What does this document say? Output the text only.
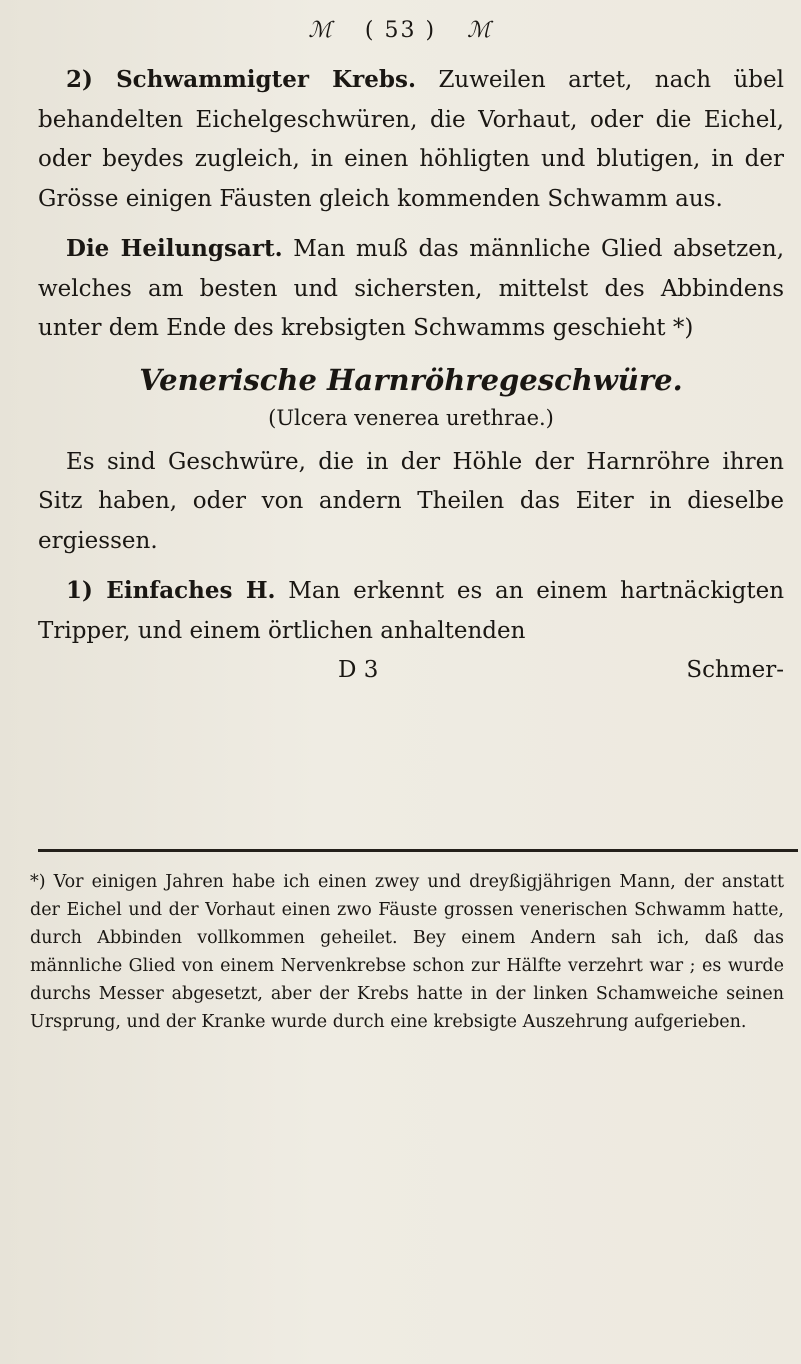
ℳ ( 53 ) ℳ

2) Schwammigter Krebs. Zuweilen artet, nach übel behandelten Eichelgeschwüren, die Vorhaut, oder die Eichel, oder beydes zugleich, in einen höhligten und blutigen, in der Grösse einigen Fäusten gleich kommenden Schwamm aus.

Die Heilungsart. Man muß das männliche Glied absetzen, welches am besten und sichersten, mittelst des Abbindens unter dem Ende des krebsigten Schwamms geschieht *)

Venerische Harnröhregeschwüre.

(Ulcera venerea urethrae.)

Es sind Geschwüre, die in der Höhle der Harnröhre ihren Sitz haben, oder von andern Theilen das Eiter in dieselbe ergiessen.

1) Einfaches H. Man erkennt es an einem hartnäckigten Tripper, und einem örtlichen anhaltenden

D 3	Schmer-

*) Vor einigen Jahren habe ich einen zwey und dreyßigjährigen Mann, der anstatt der Eichel und der Vorhaut einen zwo Fäuste grossen venerischen Schwamm hatte, durch Abbinden vollkommen geheilet. Bey einem Andern sah ich, daß das männliche Glied von einem Nervenkrebse schon zur Hälfte verzehrt war ; es wurde durchs Messer abgesetzt, aber der Krebs hatte in der linken Schamweiche seinen Ursprung, und der Kranke wurde durch eine krebsigte Auszehrung aufgerieben.
